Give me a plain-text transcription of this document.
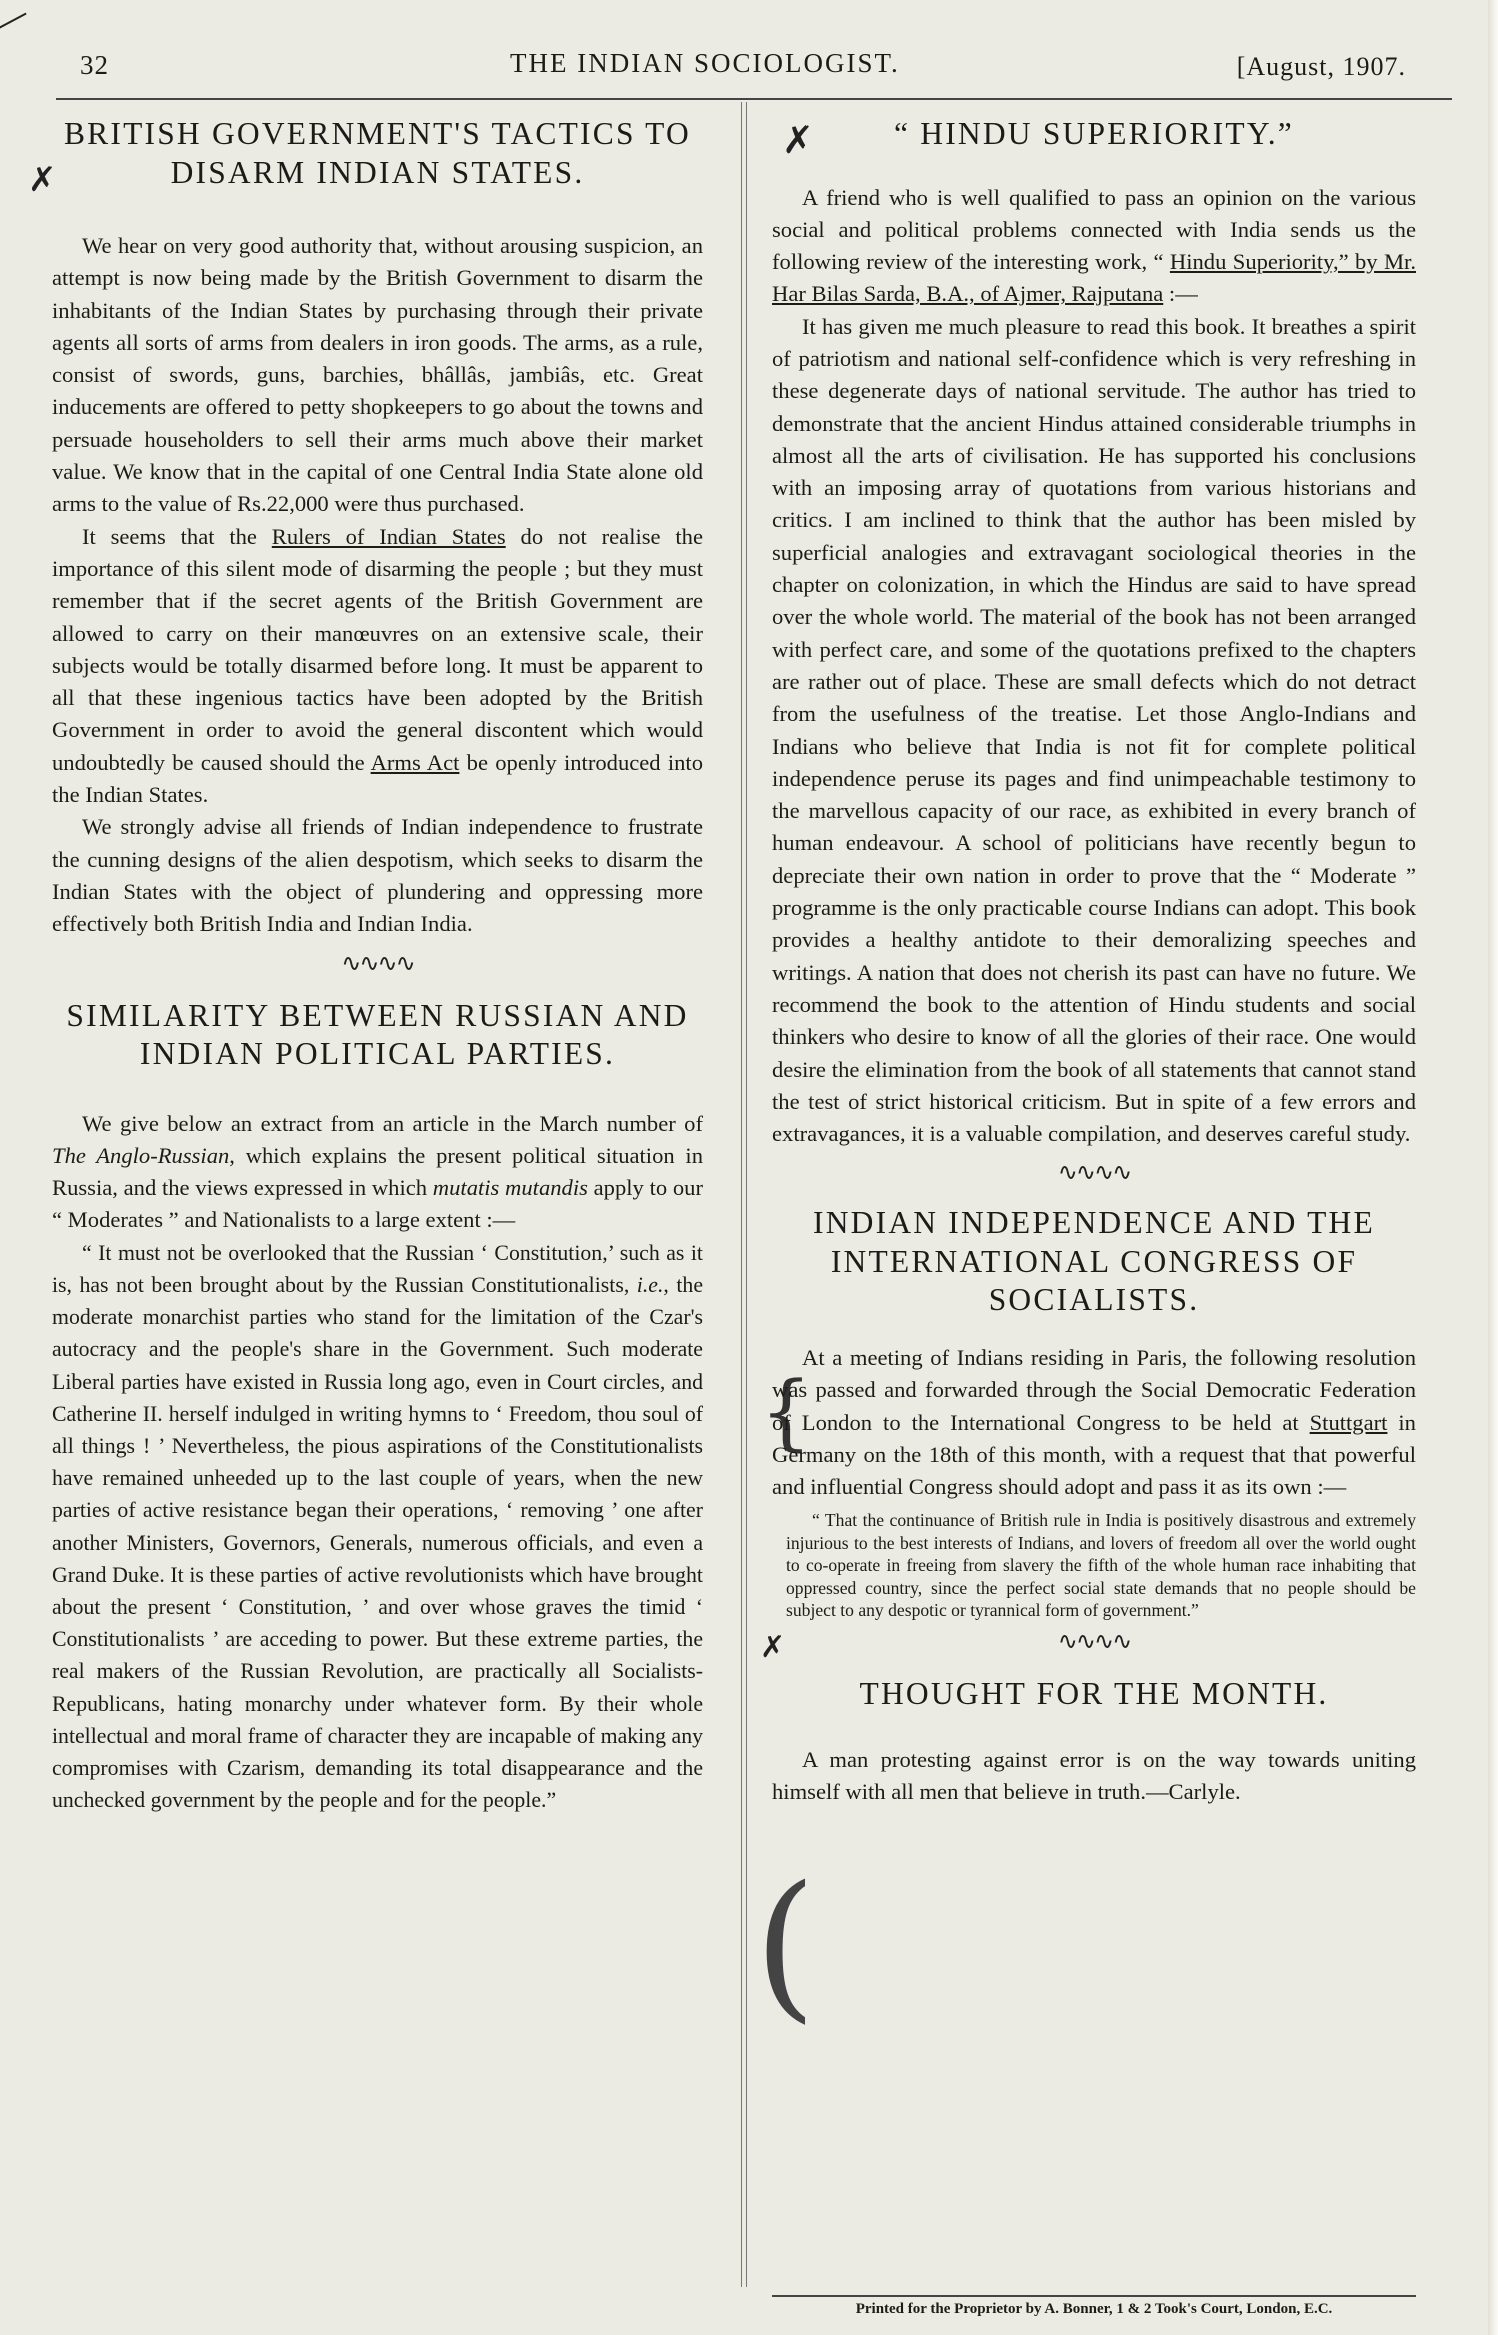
32	THE INDIAN SOCIOLOGIST.	[August, 1907.
✗
✗
✗
{
(
BRITISH GOVERNMENT'S TACTICS TO DISARM INDIAN STATES.

We hear on very good authority that, without arousing suspicion, an attempt is now being made by the British Government to disarm the inhabitants of the Indian States by purchasing through their private agents all sorts of arms from dealers in iron goods. The arms, as a rule, consist of swords, guns, barchies, bhâllâs, jambiâs, etc. Great inducements are offered to petty shopkeepers to go about the towns and persuade householders to sell their arms much above their market value. We know that in the capital of one Central India State alone old arms to the value of Rs.22,000 were thus purchased.

It seems that the Rulers of Indian States do not realise the importance of this silent mode of disarming the people ; but they must remember that if the secret agents of the British Government are allowed to carry on their manœuvres on an extensive scale, their subjects would be totally disarmed before long. It must be apparent to all that these ingenious tactics have been adopted by the British Government in order to avoid the general discontent which would undoubtedly be caused should the Arms Act be openly introduced into the Indian States.

We strongly advise all friends of Indian independence to frustrate the cunning designs of the alien despotism, which seeks to disarm the Indian States with the object of plundering and oppressing more effectively both British India and Indian India.

∿∿∿∿
SIMILARITY BETWEEN RUSSIAN AND INDIAN POLITICAL PARTIES.

We give below an extract from an article in the March number of The Anglo-Russian, which explains the present political situation in Russia, and the views expressed in which mutatis mutandis apply to our “ Moderates ” and Nationalists to a large extent :—

“ It must not be overlooked that the Russian ‘ Constitution,’ such as it is, has not been brought about by the Russian Constitutionalists, i.e., the moderate monarchist parties who stand for the limitation of the Czar's autocracy and the people's share in the Government. Such moderate Liberal parties have existed in Russia long ago, even in Court circles, and Catherine II. herself indulged in writing hymns to ‘ Freedom, thou soul of all things ! ’ Nevertheless, the pious aspirations of the Constitutionalists have remained unheeded up to the last couple of years, when the new parties of active resistance began their operations, ‘ removing ’ one after another Ministers, Governors, Generals, numerous officials, and even a Grand Duke. It is these parties of active revolutionists which have brought about the present ‘ Constitution, ’ and over whose graves the timid ‘ Constitutionalists ’ are acceding to power. But these extreme parties, the real makers of the Russian Revolution, are practically all Socialists-Republicans, hating monarchy under whatever form. By their whole intellectual and moral frame of character they are incapable of making any compromises with Czarism, demanding its total disappearance and the unchecked government by the people and for the people.”

“ HINDU SUPERIORITY.”

A friend who is well qualified to pass an opinion on the various social and political problems connected with India sends us the following review of the interesting work, “ Hindu Superiority,” by Mr. Har Bilas Sarda, B.A., of Ajmer, Rajputana :—

It has given me much pleasure to read this book. It breathes a spirit of patriotism and national self-confidence which is very refreshing in these degenerate days of national servitude. The author has tried to demonstrate that the ancient Hindus attained considerable triumphs in almost all the arts of civilisation. He has supported his conclusions with an imposing array of quotations from various historians and critics. I am inclined to think that the author has been misled by superficial analogies and extravagant sociological theories in the chapter on colonization, in which the Hindus are said to have spread over the whole world. The material of the book has not been arranged with perfect care, and some of the quotations prefixed to the chapters are rather out of place. These are small defects which do not detract from the usefulness of the treatise. Let those Anglo-Indians and Indians who believe that India is not fit for complete political independence peruse its pages and find unimpeachable testimony to the marvellous capacity of our race, as exhibited in every branch of human endeavour. A school of politicians have recently begun to depreciate their own nation in order to prove that the “ Moderate ” programme is the only practicable course Indians can adopt. This book provides a healthy antidote to their demoralizing speeches and writings. A nation that does not cherish its past can have no future. We recommend the book to the attention of Hindu students and social thinkers who desire to know of all the glories of their race. One would desire the elimination from the book of all statements that cannot stand the test of strict historical criticism. But in spite of a few errors and extravagances, it is a valuable compilation, and deserves careful study.

∿∿∿∿
INDIAN INDEPENDENCE AND THE INTERNATIONAL CONGRESS OF SOCIALISTS.

At a meeting of Indians residing in Paris, the following resolution was passed and forwarded through the Social Democratic Federation of London to the International Congress to be held at Stuttgart in Germany on the 18th of this month, with a request that that powerful and influential Congress should adopt and pass it as its own :—

“ That the continuance of British rule in India is positively disastrous and extremely injurious to the best interests of Indians, and lovers of freedom all over the world ought to co-operate in freeing from slavery the fifth of the whole human race inhabiting that oppressed country, since the perfect social state demands that no people should be subject to any despotic or tyrannical form of government.”

∿∿∿∿
THOUGHT FOR THE MONTH.

A man protesting against error is on the way towards uniting himself with all men that believe in truth.—Carlyle.

Printed for the Proprietor by A. Bonner, 1 & 2 Took's Court, London, E.C.
